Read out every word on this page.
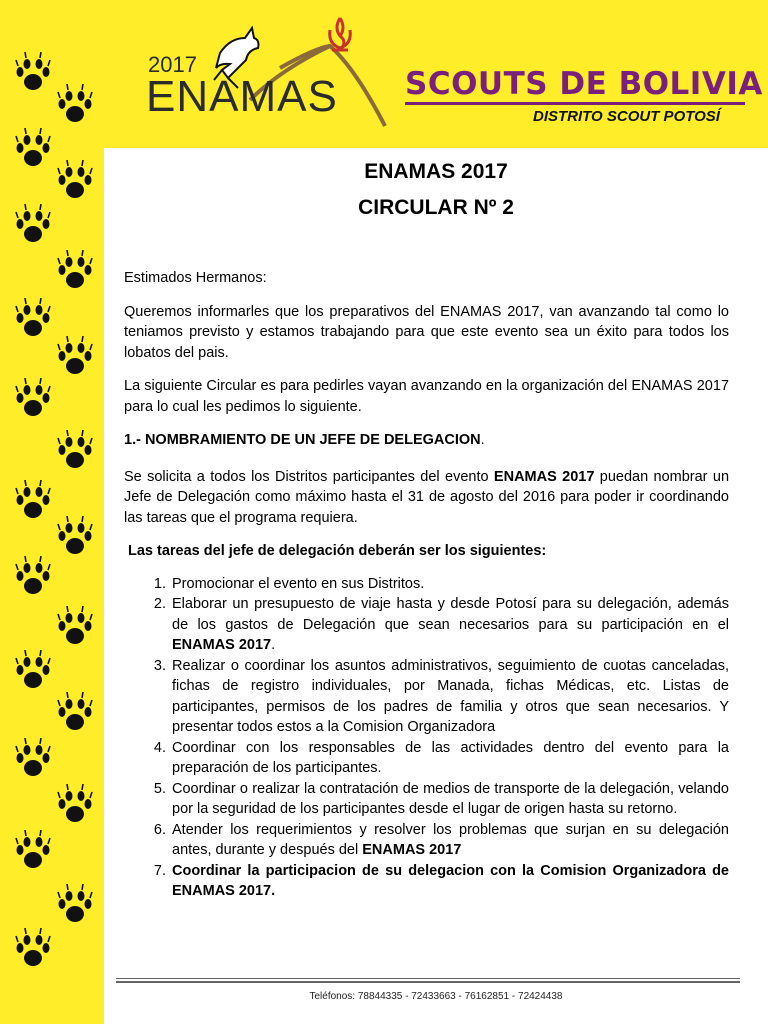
2017
ENAMAS SCOUTS DE BOLIVIA
DISTRITO SCOUT POTOSÍ
ENAMAS 2017
CIRCULAR Nº 2

Estimados Hermanos:

Queremos informarles que los preparativos del ENAMAS 2017, van avanzando tal como lo teniamos previsto y estamos trabajando para que este evento sea un éxito para todos los lobatos del pais.

La siguiente Circular es para pedirles vayan avanzando en la organización del ENAMAS 2017 para lo cual les pedimos lo siguiente.

1.- NOMBRAMIENTO DE UN JEFE DE DELEGACION.

Se solicita a todos los Distritos participantes del evento ENAMAS 2017 puedan nombrar un Jefe de Delegación como máximo hasta el 31 de agosto del 2016 para poder ir coordinando las tareas que el programa requiera.

Las tareas del jefe de delegación deberán ser los siguientes:
1. Promocionar el evento en sus Distritos.
2. Elaborar un presupuesto de viaje hasta y desde Potosí para su delegación, además de los gastos de Delegación que sean necesarios para su participación en el ENAMAS 2017.
3. Realizar o coordinar los asuntos administrativos, seguimiento de cuotas canceladas, fichas de registro individuales, por Manada, fichas Médicas, etc. Listas de participantes, permisos de los padres de familia y otros que sean necesarios. Y presentar todos estos a la Comision Organizadora
4. Coordinar con los responsables de las actividades dentro del evento para la preparación de los participantes.
5. Coordinar o realizar la contratación de medios de transporte de la delegación, velando por la seguridad de los participantes desde el lugar de origen hasta su retorno.
6. Atender los requerimientos y resolver los problemas que surjan en su delegación antes, durante y después del ENAMAS 2017
7. Coordinar la participacion de su delegacion con la Comision Organizadora de ENAMAS 2017.
Teléfonos: 78844335 - 72433663 - 76162851 - 72424438
